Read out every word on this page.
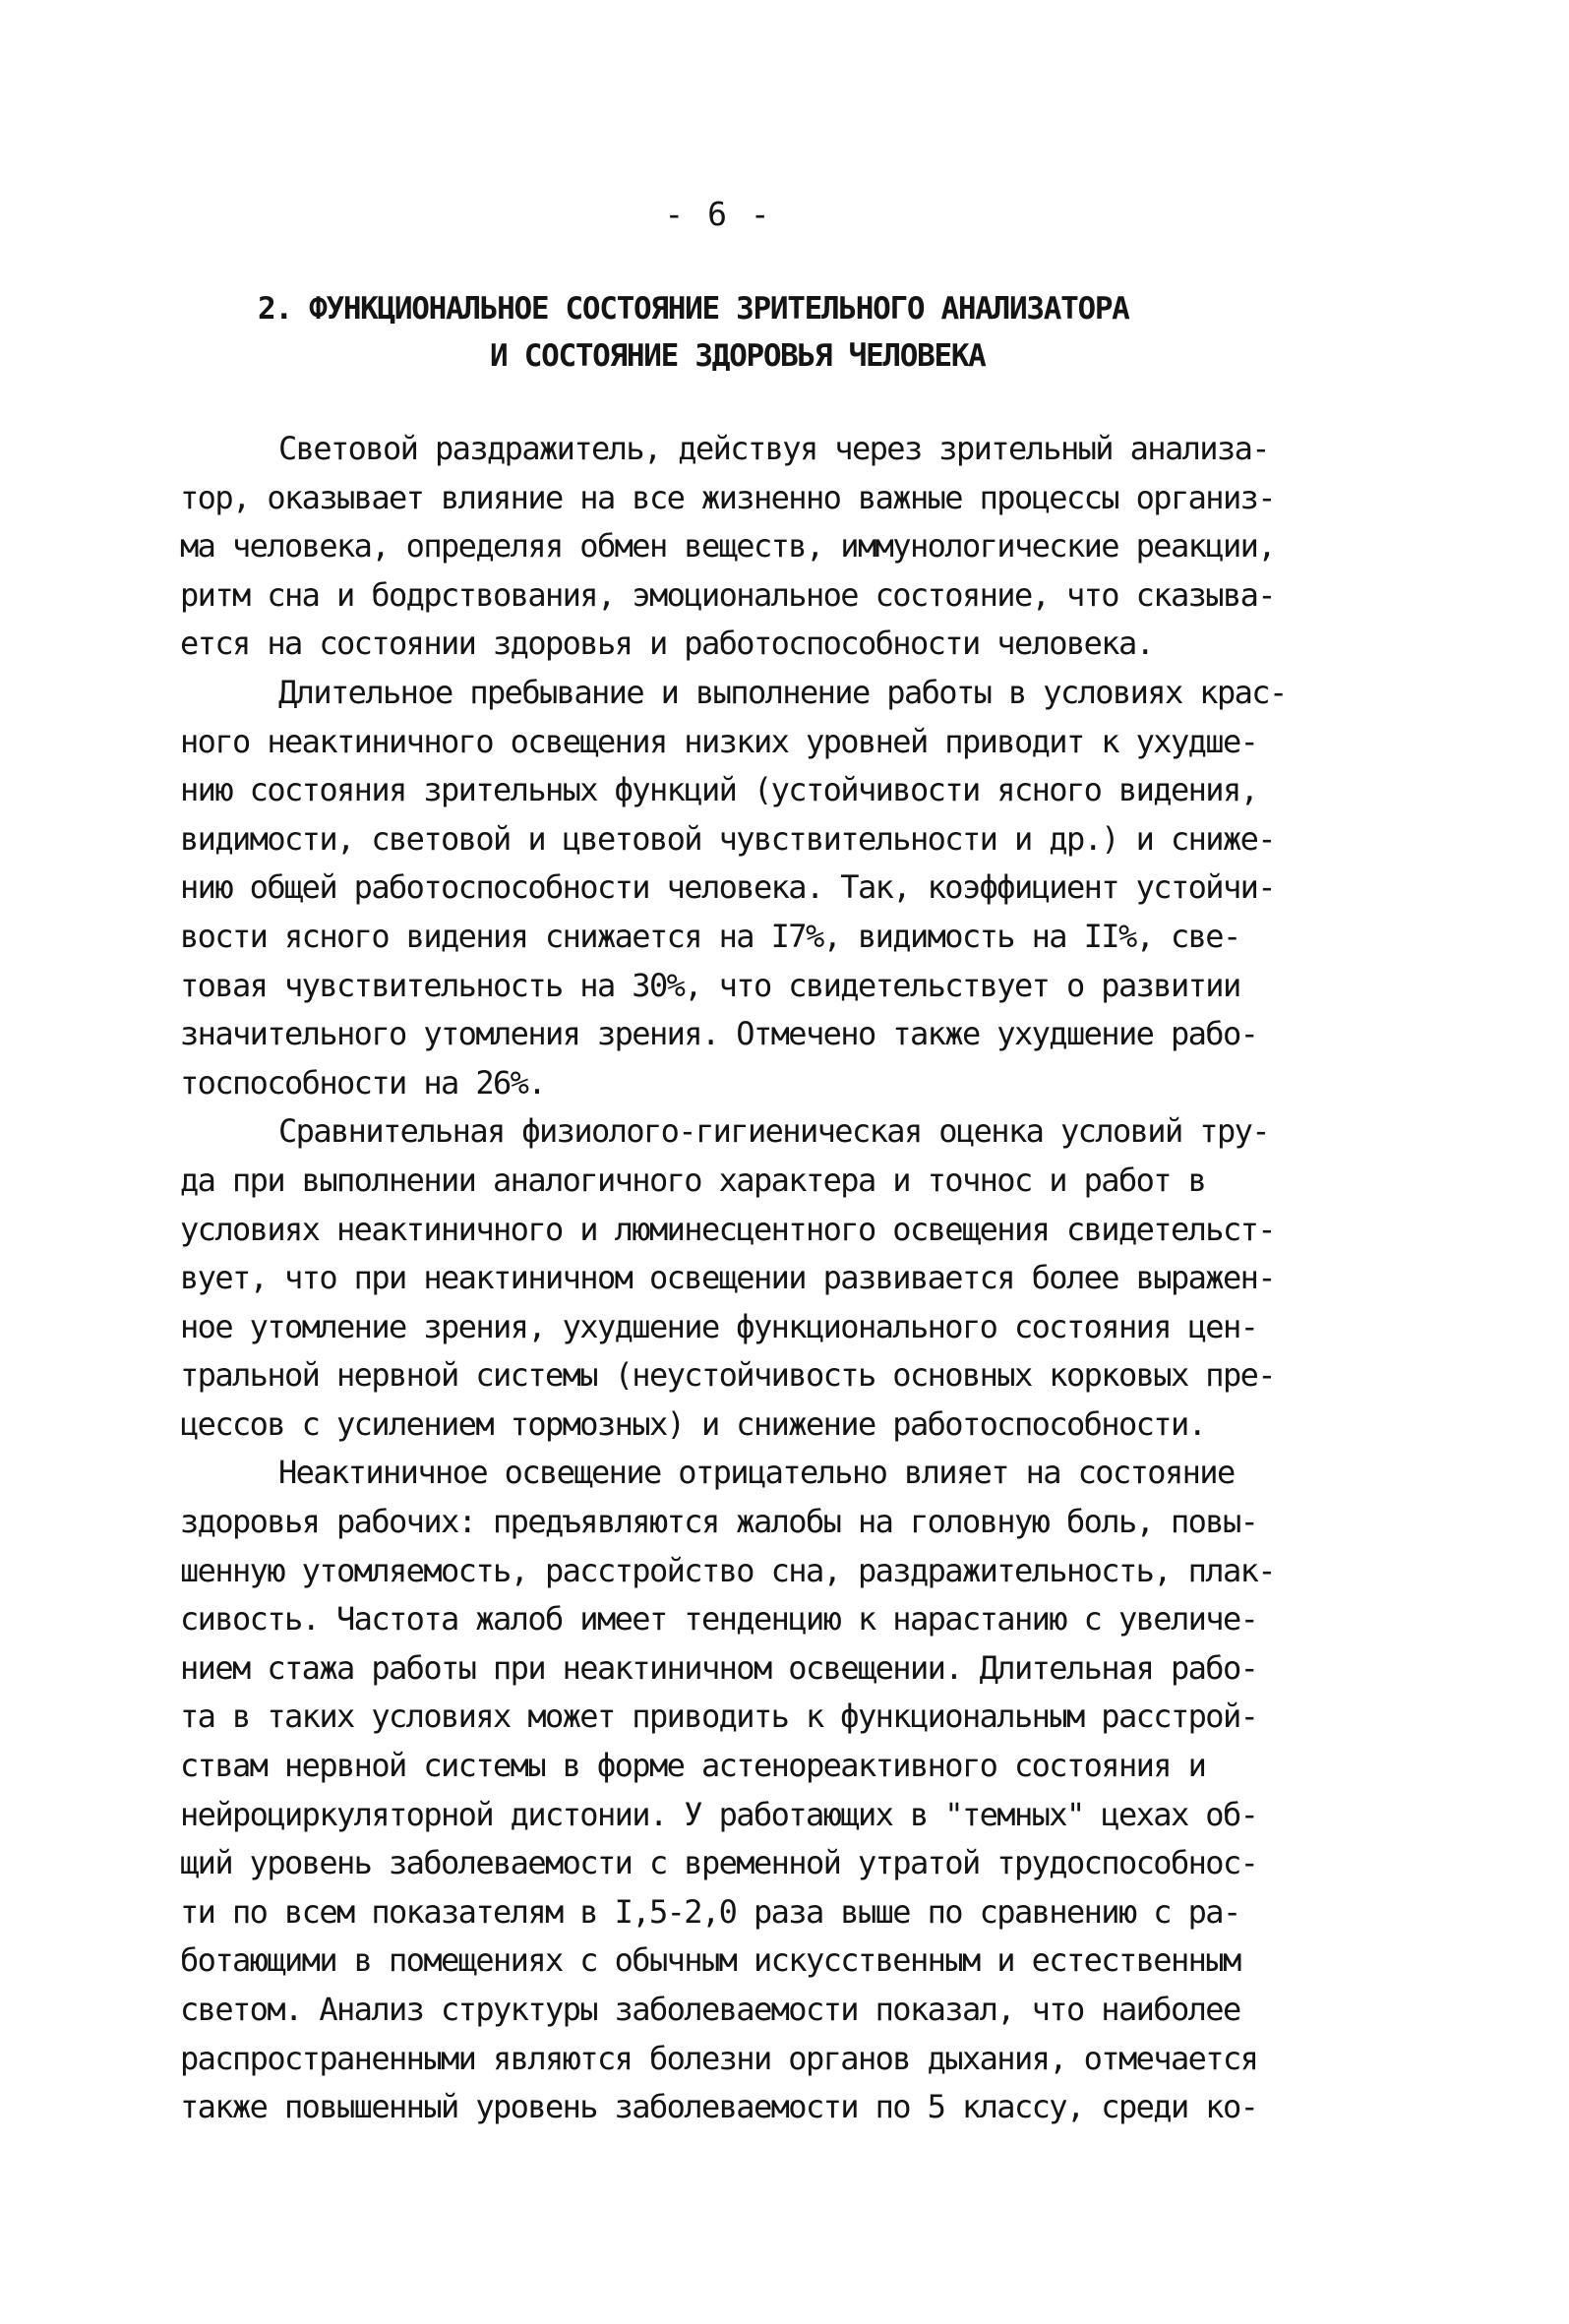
- 6 -
2. ФУНКЦИОНАЛЬНОЕ СОСТОЯНИЕ ЗРИТЕЛЬНОГО АНАЛИЗАТОРА
И СОСТОЯНИЕ ЗДОРОВЬЯ ЧЕЛОВЕКА
Световой раздражитель, действуя через зрительный анализа-
тор, оказывает влияние на все жизненно важные процессы организ-
ма человека, определяя обмен веществ, иммунологические реакции,
ритм сна и бодрствования, эмоциональное состояние, что сказыва-
ется на состоянии здоровья и работоспособности человека.
Длительное пребывание и выполнение работы в условиях крас-
ного неактиничного освещения низких уровней приводит к ухудше-
нию состояния зрительных функций (устойчивости ясного видения,
видимости, световой и цветовой чувствительности и др.) и сниже-
нию общей работоспособности человека. Так, коэффициент устойчи-
вости ясного видения снижается на I7%, видимость на II%, све-
товая чувствительность на 30%, что свидетельствует о развитии
значительного утомления зрения. Отмечено также ухудшение рабо-
тоспособности на 26%.
Сравнительная физиолого-гигиеническая оценка условий тру-
да при выполнении аналогичного характера и точнос и работ в
условиях неактиничного и люминесцентного освещения свидетельст-
вует, что при неактиничном освещении развивается более выражен-
ное утомление зрения, ухудшение функционального состояния цен-
тральной нервной системы (неустойчивость основных корковых пре-
цессов с усилением тормозных) и снижение работоспособности.
Неактиничное освещение отрицательно влияет на состояние
здоровья рабочих: предъявляются жалобы на головную боль, повы-
шенную утомляемость, расстройство сна, раздражительность, плак-
сивость. Частота жалоб имеет тенденцию к нарастанию с увеличе-
нием стажа работы при неактиничном освещении. Длительная рабо-
та в таких условиях может приводить к функциональным расстрой-
ствам нервной системы в форме астенореактивного состояния и
нейроциркуляторной дистонии. У работающих в "темных" цехах об-
щий уровень заболеваемости с временной утратой трудоспособнос-
ти по всем показателям в I,5-2,0 раза выше по сравнению с ра-
ботающими в помещениях с обычным искусственным и естественным
светом. Анализ структуры заболеваемости показал, что наиболее
распространенными являются болезни органов дыхания, отмечается
также повышенный уровень заболеваемости по 5 классу, среди ко-
